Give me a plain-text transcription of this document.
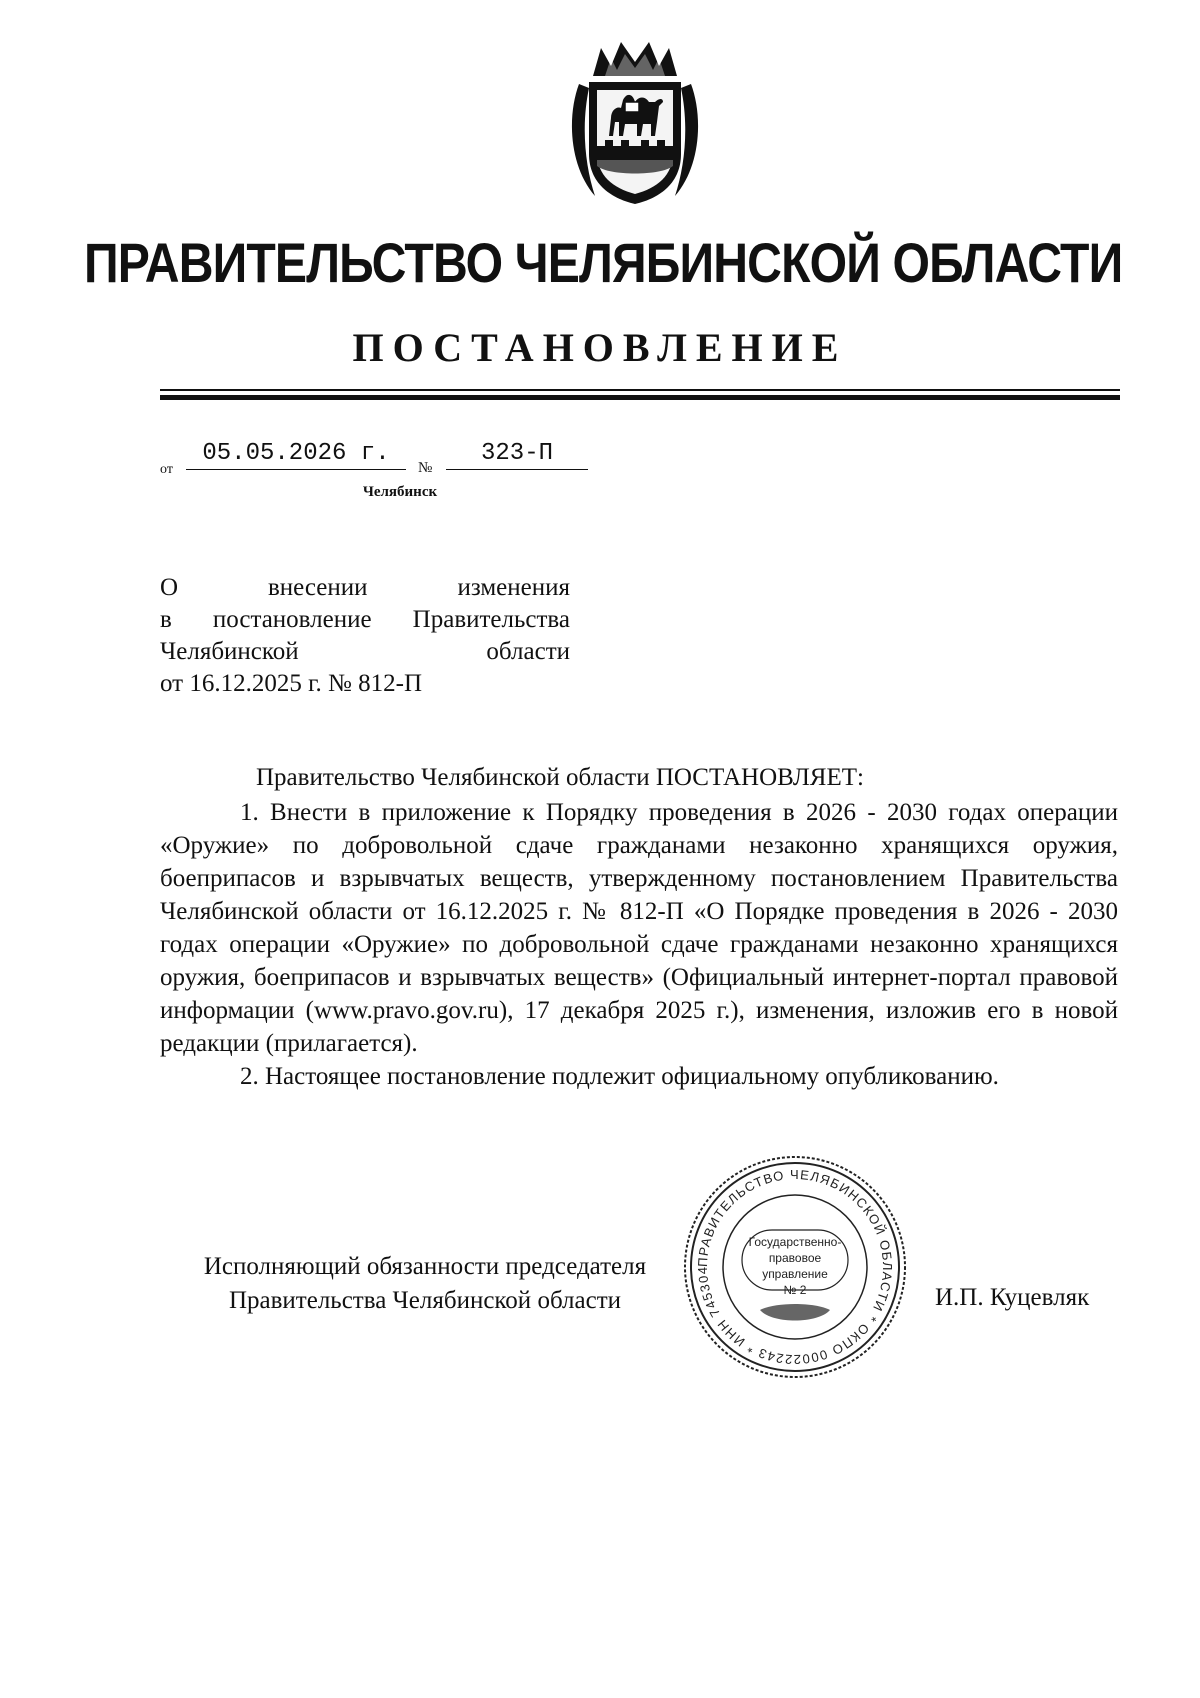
ПРАВИТЕЛЬСТВО ЧЕЛЯБИНСКОЙ ОБЛАСТИ
ПОСТАНОВЛЕНИЕ
от
05.05.2026 г.
№
323-П
Челябинск
О внесении изменения
в постановление Правительства
Челябинской области
от 16.12.2025 г. № 812-П

Правительство Челябинской области ПОСТАНОВЛЯЕТ:

1. Внести в приложение к Порядку проведения в 2026 - 2030 годах операции «Оружие» по добровольной сдаче гражданами незаконно хранящихся оружия, боеприпасов и взрывчатых веществ, утвержденному постановлением Правительства Челябинской области от 16.12.2025 г. № 812-П «О Порядке проведения в 2026 - 2030 годах операции «Оружие» по добровольной сдаче гражданами незаконно хранящихся оружия, боеприпасов и взрывчатых веществ» (Официальный интернет-портал правовой информации (www.pravo.gov.ru), 17 декабря 2025 г.), изменения, изложив его в новой редакции (прилагается).

2. Настоящее постановление подлежит официальному опубликованию.

Исполняющий обязанности председателя
Правительства Челябинской области	И.П. Куцевляк
ПРАВИТЕЛЬСТВО ЧЕЛЯБИНСКОЙ ОБЛАСТИ * ОКПО 00022243 * ИНН 745304
Государственно-
правовое
управление
№ 2
